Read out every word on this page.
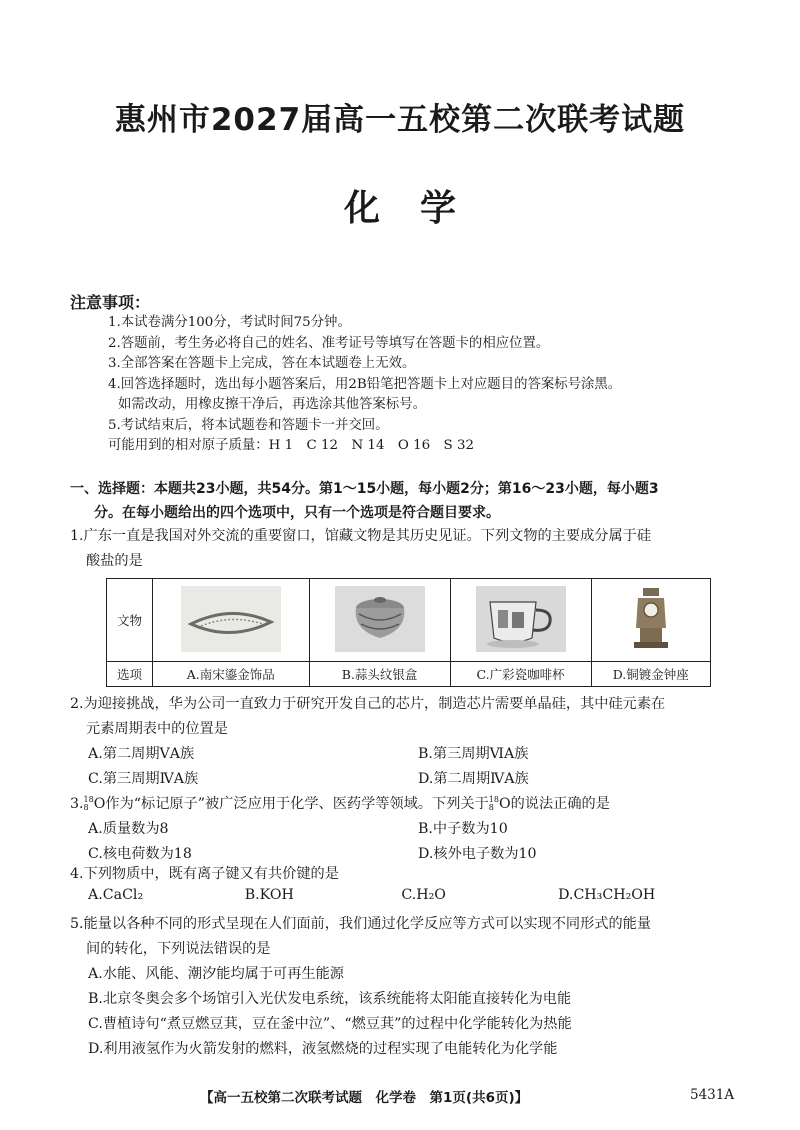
惠州市2027届高一五校第二次联考试题
化学
注意事项：
1.本试卷满分100分，考试时间75分钟。
2.答题前，考生务必将自己的姓名、准考证号等填写在答题卡的相应位置。
3.全部答案在答题卡上完成，答在本试题卷上无效。
4.回答选择题时，选出每小题答案后，用2B铅笔把答题卡上对应题目的答案标号涂黑。
如需改动，用橡皮擦干净后，再选涂其他答案标号。
5.考试结束后，将本试题卷和答题卡一并交回。
可能用到的相对原子质量：H 1　C 12　N 14　O 16　S 32
一、选择题：本题共23小题，共54分。第1～15小题，每小题2分；第16～23小题，每小题3
分。在每小题给出的四个选项中，只有一个选项是符合题目要求。
1.广东一直是我国对外交流的重要窗口，馆藏文物是其历史见证。下列文物的主要成分属于硅
酸盐的是
文物				
选项	A.南宋鎏金饰品	B.蒜头纹银盒	C.广彩瓷咖啡杯	D.铜镀金钟座
2.为迎接挑战，华为公司一直致力于研究开发自己的芯片，制造芯片需要单晶硅，其中硅元素在
元素周期表中的位置是
A.第二周期ⅤA族	B.第三周期ⅥA族
C.第三周期ⅣA族	D.第二周期ⅣA族
3. 18
8 O作为“标记原子”被广泛应用于化学、医药学等领域。下列关于 18
8 O的说法正确的是
A.质量数为8	B.中子数为10
C.核电荷数为18	D.核外电子数为10
4.下列物质中，既有离子键又有共价键的是
A.CaCl₂	B.KOH	C.H₂O	D.CH₃CH₂OH
5.能量以各种不同的形式呈现在人们面前，我们通过化学反应等方式可以实现不同形式的能量
间的转化，下列说法错误的是
A.水能、风能、潮汐能均属于可再生能源
B.北京冬奥会多个场馆引入光伏发电系统，该系统能将太阳能直接转化为电能
C.曹植诗句“煮豆燃豆萁，豆在釜中泣”、“燃豆萁”的过程中化学能转化为热能
D.利用液氢作为火箭发射的燃料，液氢燃烧的过程实现了电能转化为化学能
【高一五校第二次联考试题　化学卷　第1页(共6页)】	5431A
